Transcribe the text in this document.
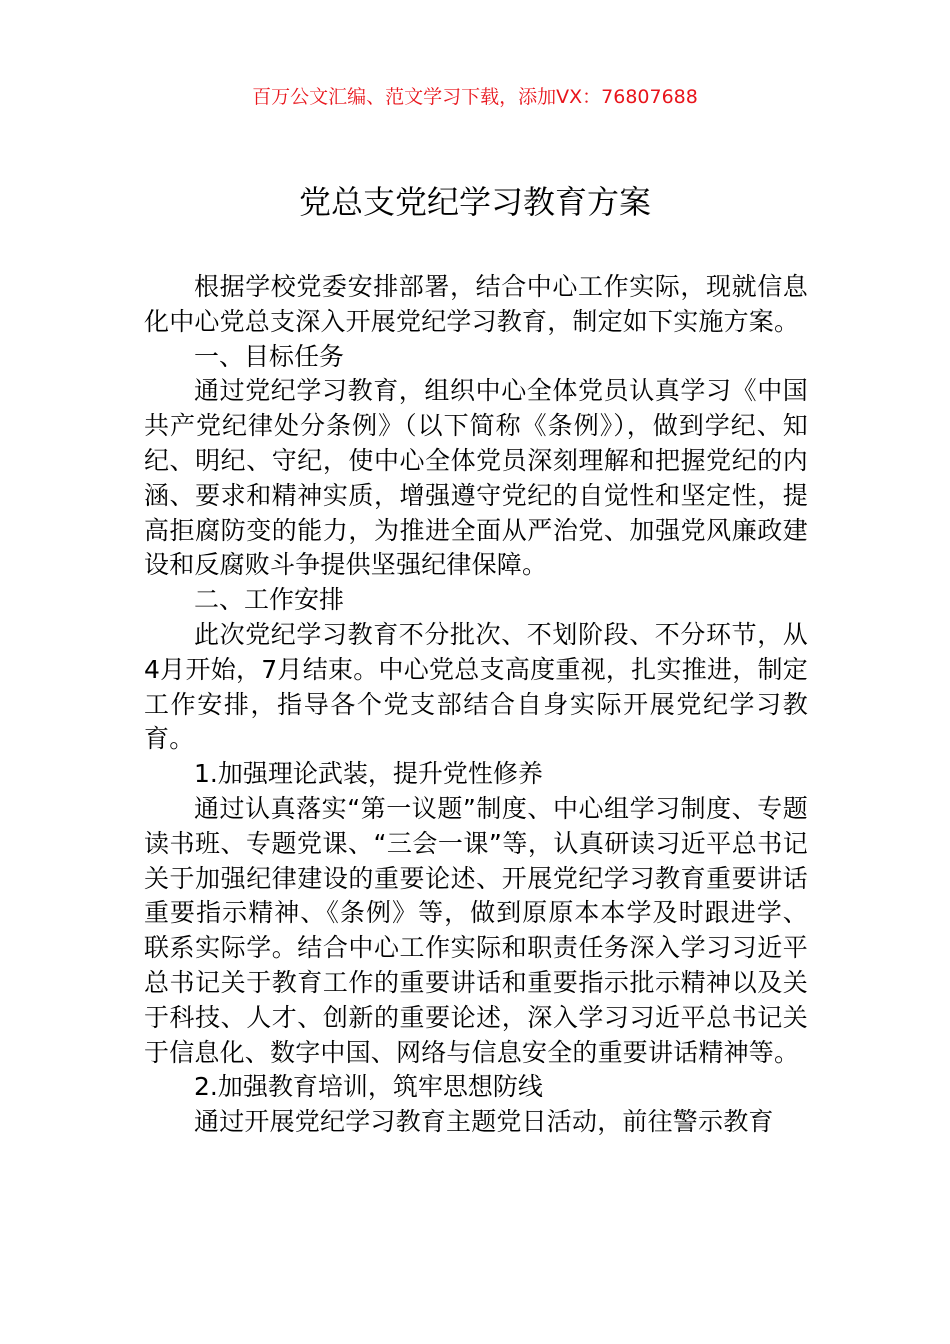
百万公文汇编、范文学习下载，添加VX：76807688
党总支党纪学习教育方案

根据学校党委安排部署，结合中心工作实际，现就信息化中心党总支深入开展党纪学习教育，制定如下实施方案。

一、目标任务

通过党纪学习教育，组织中心全体党员认真学习《中国共产党纪律处分条例》（以下简称《条例》），做到学纪、知纪、明纪、守纪，使中心全体党员深刻理解和把握党纪的内涵、要求和精神实质，增强遵守党纪的自觉性和坚定性，提高拒腐防变的能力，为推进全面从严治党、加强党风廉政建设和反腐败斗争提供坚强纪律保障。

二、工作安排

此次党纪学习教育不分批次、不划阶段、不分环节，从4月开始，7月结束。中心党总支高度重视，扎实推进，制定工作安排，指导各个党支部结合自身实际开展党纪学习教育。

1.加强理论武装，提升党性修养

通过认真落实“第一议题”制度、中心组学习制度、专题读书班、专题党课、“三会一课”等，认真研读习近平总书记关于加强纪律建设的重要论述、开展党纪学习教育重要讲话重要指示精神、《条例》等，做到原原本本学及时跟进学、联系实际学。结合中心工作实际和职责任务深入学习习近平总书记关于教育工作的重要讲话和重要指示批示精神以及关于科技、人才、创新的重要论述，深入学习习近平总书记关于信息化、数字中国、网络与信息安全的重要讲话精神等。

2.加强教育培训，筑牢思想防线

通过开展党纪学习教育主题党日活动，前往警示教育
